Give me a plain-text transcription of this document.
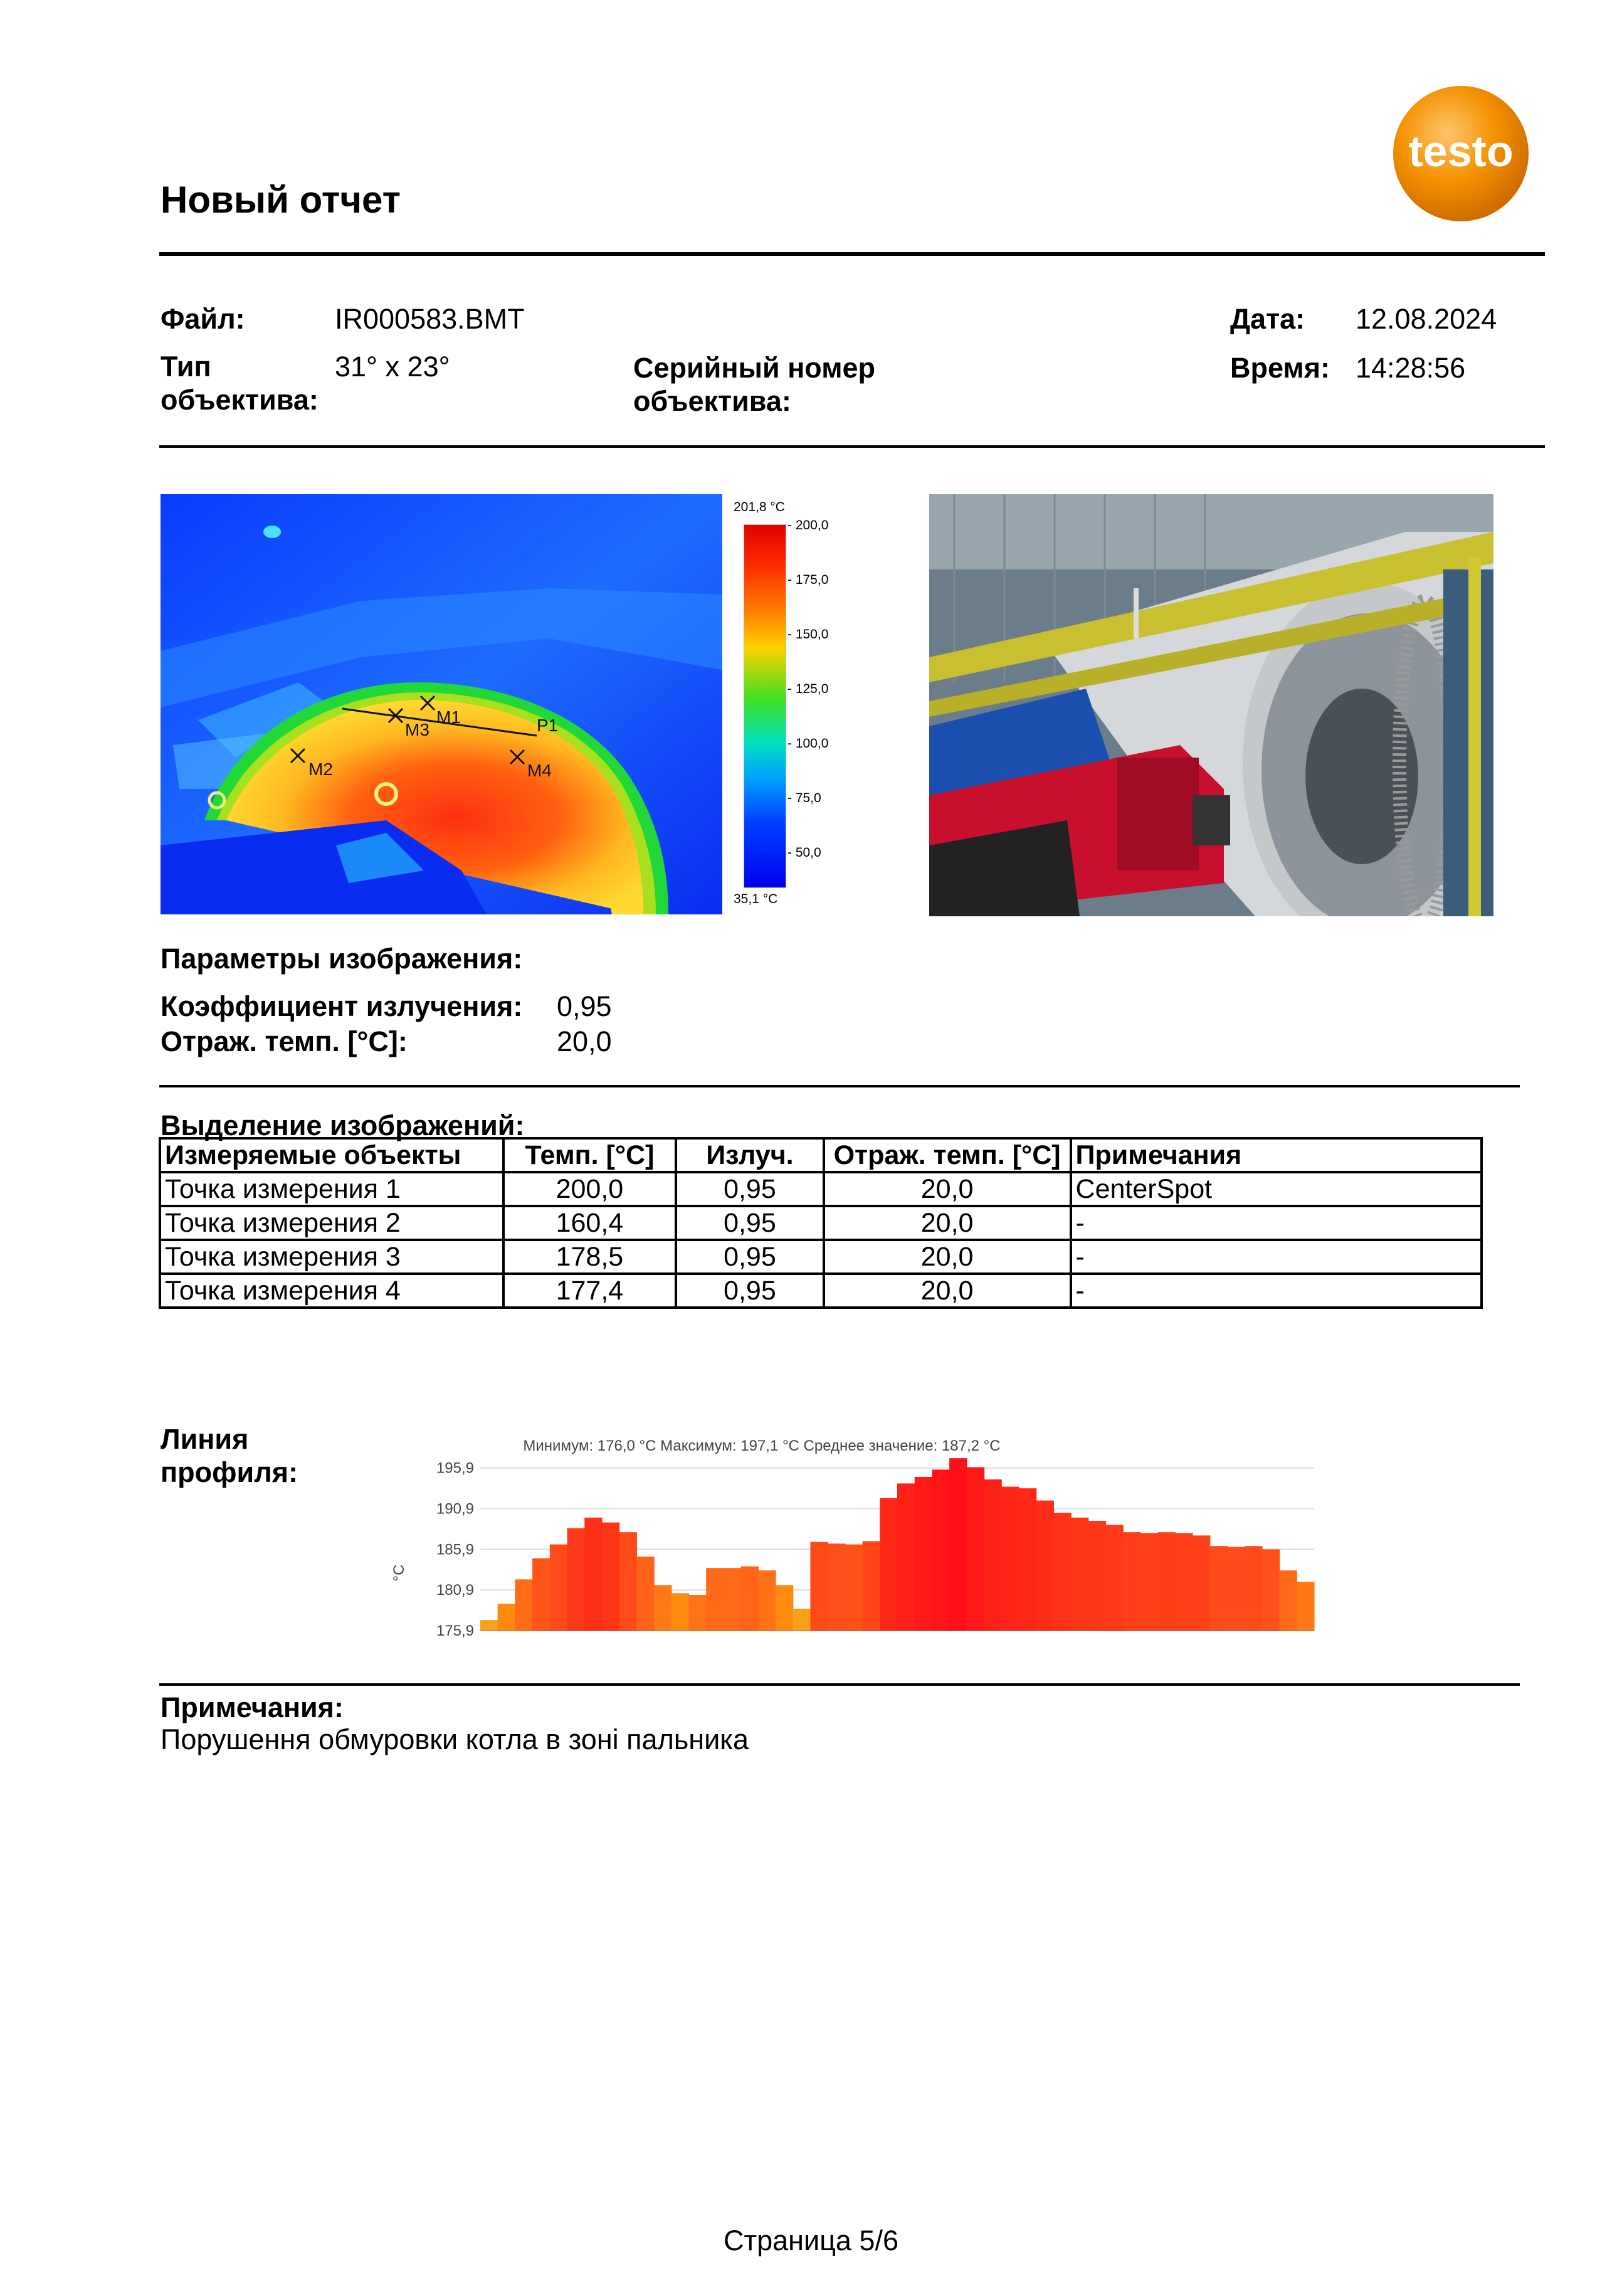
testo
Новый отчет
Файл:	IR000583.BMT
Тип
объектива:
31° x 23°	Серийный номер
объектива:
Дата: 12.08.2024
Время: 14:28:56
M1
M2
M3
M4
P1
201,8 °C
- 200,0
- 175,0
- 150,0
- 125,0
- 100,0
- 75,0
- 50,0
35,1 °C
Параметры изображения:
Коэффициент излучения: 0,95
Отраж. темп. [°C]:	20,0
Выделение изображений:
Измеряемые объекты	Темп. [°C]	Излуч.	Отраж. темп. [°C]	Примечания
Точка измерения 1	200,0	0,95	20,0	CenterSpot
Точка измерения 2	160,4	0,95	20,0	-
Точка измерения 3	178,5	0,95	20,0	-
Точка измерения 4	177,4	0,95	20,0	-
Линия
профиля:
Минимум: 176,0 °C Максимум: 197,1 °C Среднее значение: 187,2 °C
°C
195,9
190,9
185,9
180,9
175,9
Примечания:
Порушення обмуровки котла в зоні пальника
Страница 5/6
